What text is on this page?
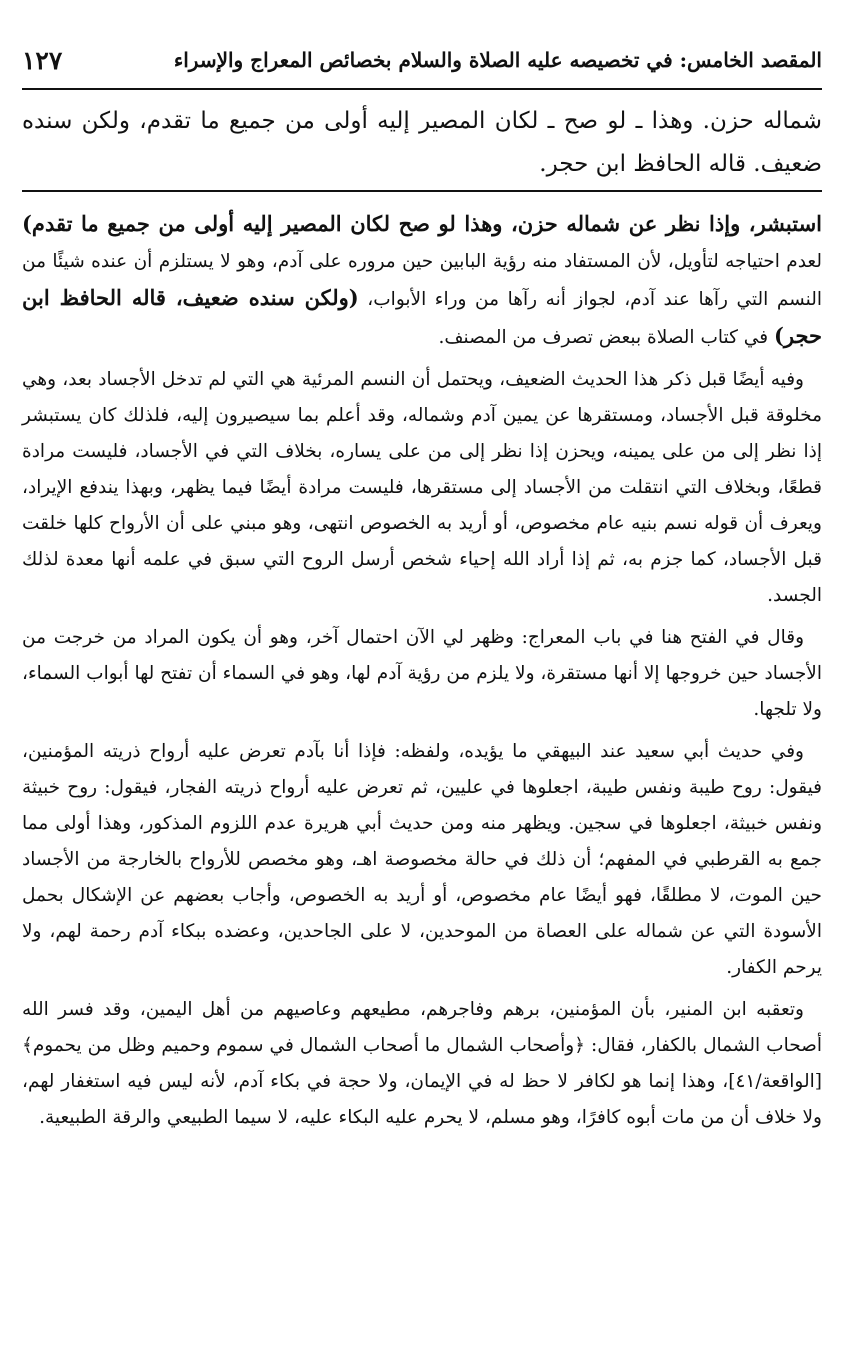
المقصد الخامس: في تخصيصه عليه الصلاة والسلام بخصائص المعراج والإسراء
١٢٧
شماله حزن. وهذا ـ لو صح ـ لكان المصير إليه أولى من جميع ما تقدم، ولكن سنده ضعيف. قاله الحافظ ابن حجر.

استبشر، وإذا نظر عن شماله حزن، وهذا لو صح لكان المصير إليه أولى من جميع ما تقدم) لعدم احتياجه لتأويل، لأن المستفاد منه رؤية البابين حين مروره على آدم، وهو لا يستلزم أن عنده شيئًا من النسم التي رآها عند آدم، لجواز أنه رآها من وراء الأبواب، (ولكن سنده ضعيف، قاله الحافظ ابن حجر) في كتاب الصلاة ببعض تصرف من المصنف.

وفيه أيضًا قبل ذكر هذا الحديث الضعيف، ويحتمل أن النسم المرئية هي التي لم تدخل الأجساد بعد، وهي مخلوقة قبل الأجساد، ومستقرها عن يمين آدم وشماله، وقد أعلم بما سيصيرون إليه، فلذلك كان يستبشر إذا نظر إلى من على يمينه، ويحزن إذا نظر إلى من على يساره، بخلاف التي في الأجساد، فليست مرادة قطعًا، وبخلاف التي انتقلت من الأجساد إلى مستقرها، فليست مرادة أيضًا فيما يظهر، وبهذا يندفع الإيراد، ويعرف أن قوله نسم بنيه عام مخصوص، أو أريد به الخصوص انتهى، وهو مبني على أن الأرواح كلها خلقت قبل الأجساد، كما جزم به، ثم إذا أراد الله إحياء شخص أرسل الروح التي سبق في علمه أنها معدة لذلك الجسد.

وقال في الفتح هنا في باب المعراج: وظهر لي الآن احتمال آخر، وهو أن يكون المراد من خرجت من الأجساد حين خروجها إلا أنها مستقرة، ولا يلزم من رؤية آدم لها، وهو في السماء أن تفتح لها أبواب السماء، ولا تلجها.

وفي حديث أبي سعيد عند البيهقي ما يؤيده، ولفظه: فإذا أنا بآدم تعرض عليه أرواح ذريته المؤمنين، فيقول: روح طيبة ونفس طيبة، اجعلوها في عليين، ثم تعرض عليه أرواح ذريته الفجار، فيقول: روح خبيثة ونفس خبيثة، اجعلوها في سجين. ويظهر منه ومن حديث أبي هريرة عدم اللزوم المذكور، وهذا أولى مما جمع به القرطبي في المفهم؛ أن ذلك في حالة مخصوصة اهـ، وهو مخصص للأرواح بالخارجة من الأجساد حين الموت، لا مطلقًا، فهو أيضًا عام مخصوص، أو أريد به الخصوص، وأجاب بعضهم عن الإشكال بحمل الأسودة التي عن شماله على العصاة من الموحدين، لا على الجاحدين، وعضده ببكاء آدم رحمة لهم، ولا يرحم الكفار.

وتعقبه ابن المنير، بأن المؤمنين، برهم وفاجرهم، مطيعهم وعاصيهم من أهل اليمين، وقد فسر الله أصحاب الشمال بالكفار، فقال: ﴿وأصحاب الشمال ما أصحاب الشمال في سموم وحميم وظل من يحموم﴾ [الواقعة/٤١]، وهذا إنما هو لكافر لا حظ له في الإيمان، ولا حجة في بكاء آدم، لأنه ليس فيه استغفار لهم، ولا خلاف أن من مات أبوه كافرًا، وهو مسلم، لا يحرم عليه البكاء عليه، لا سيما الطبيعي والرقة الطبيعية.
